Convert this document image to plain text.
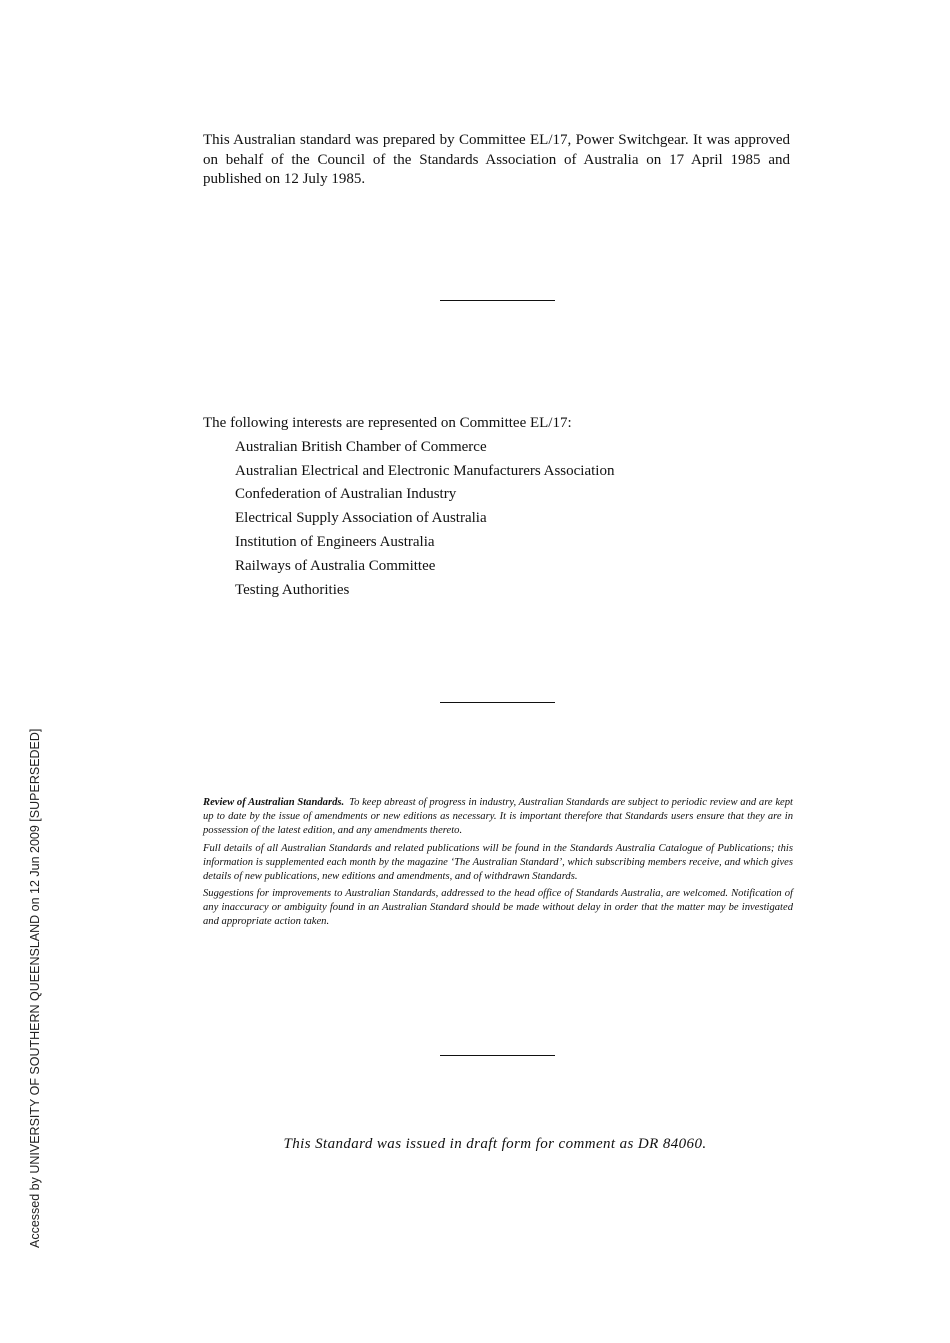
This Australian standard was prepared by Committee EL/17, Power Switchgear. It was approved on behalf of the Council of the Standards Association of Australia on 17 April 1985 and published on 12 July 1985.

The following interests are represented on Committee EL/17:

Australian British Chamber of Commerce
Australian Electrical and Electronic Manufacturers Association
Confederation of Australian Industry
Electrical Supply Association of Australia
Institution of Engineers Australia
Railways of Australia Committee
Testing Authorities

Review of Australian Standards. To keep abreast of progress in industry, Australian Standards are subject to periodic review and are kept up to date by the issue of amendments or new editions as necessary. It is important therefore that Standards users ensure that they are in possession of the latest edition, and any amendments thereto.

Full details of all Australian Standards and related publications will be found in the Standards Australia Catalogue of Publications; this information is supplemented each month by the magazine ‘The Australian Standard’, which subscribing members receive, and which gives details of new publications, new editions and amendments, and of withdrawn Standards.

Suggestions for improvements to Australian Standards, addressed to the head office of Standards Australia, are welcomed. Notification of any inaccuracy or ambiguity found in an Australian Standard should be made without delay in order that the matter may be investigated and appropriate action taken.

This Standard was issued in draft form for comment as DR 84060.

Accessed by UNIVERSITY OF SOUTHERN QUEENSLAND on 12 Jun 2009 [SUPERSEDED]
